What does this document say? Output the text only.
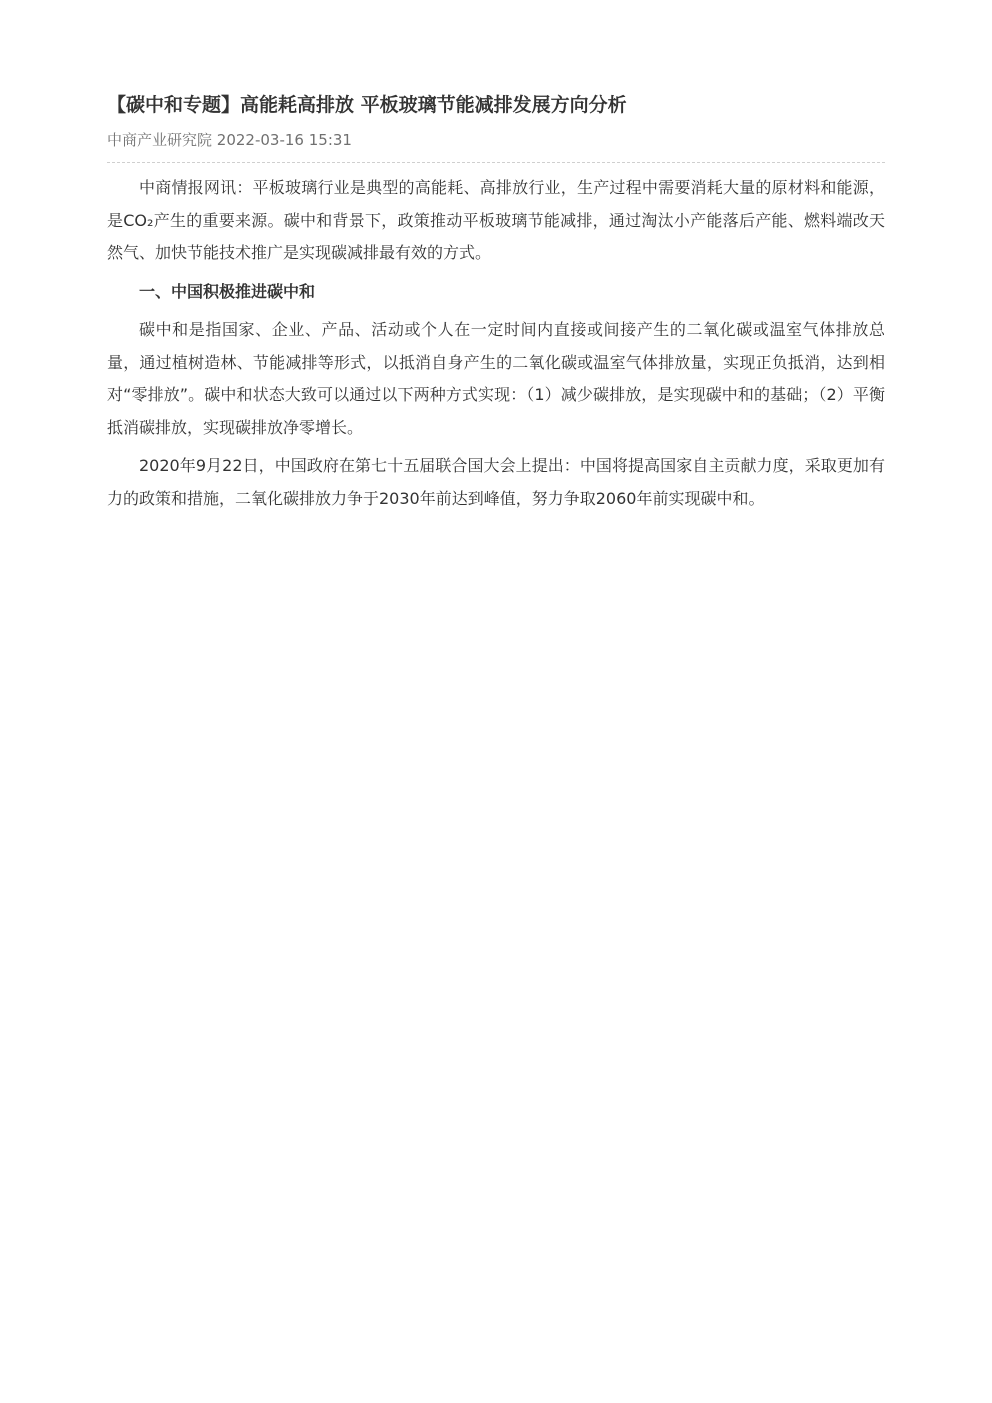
【碳中和专题】高能耗高排放 平板玻璃节能减排发展方向分析
中商产业研究院 2022-03-16 15:31

中商情报网讯：平板玻璃行业是典型的高能耗、高排放行业，生产过程中需要消耗大量的原材料和能源，是CO₂产生的重要来源。碳中和背景下，政策推动平板玻璃节能减排，通过淘汰小产能落后产能、燃料端改天然气、加快节能技术推广是实现碳减排最有效的方式。

一、中国积极推进碳中和

碳中和是指国家、企业、产品、活动或个人在一定时间内直接或间接产生的二氧化碳或温室气体排放总量，通过植树造林、节能减排等形式，以抵消自身产生的二氧化碳或温室气体排放量，实现正负抵消，达到相对“零排放”。碳中和状态大致可以通过以下两种方式实现：（1）减少碳排放，是实现碳中和的基础；（2）平衡抵消碳排放，实现碳排放净零增长。

2020年9月22日，中国政府在第七十五届联合国大会上提出：中国将提高国家自主贡献力度，采取更加有力的政策和措施，二氧化碳排放力争于2030年前达到峰值，努力争取2060年前实现碳中和。
